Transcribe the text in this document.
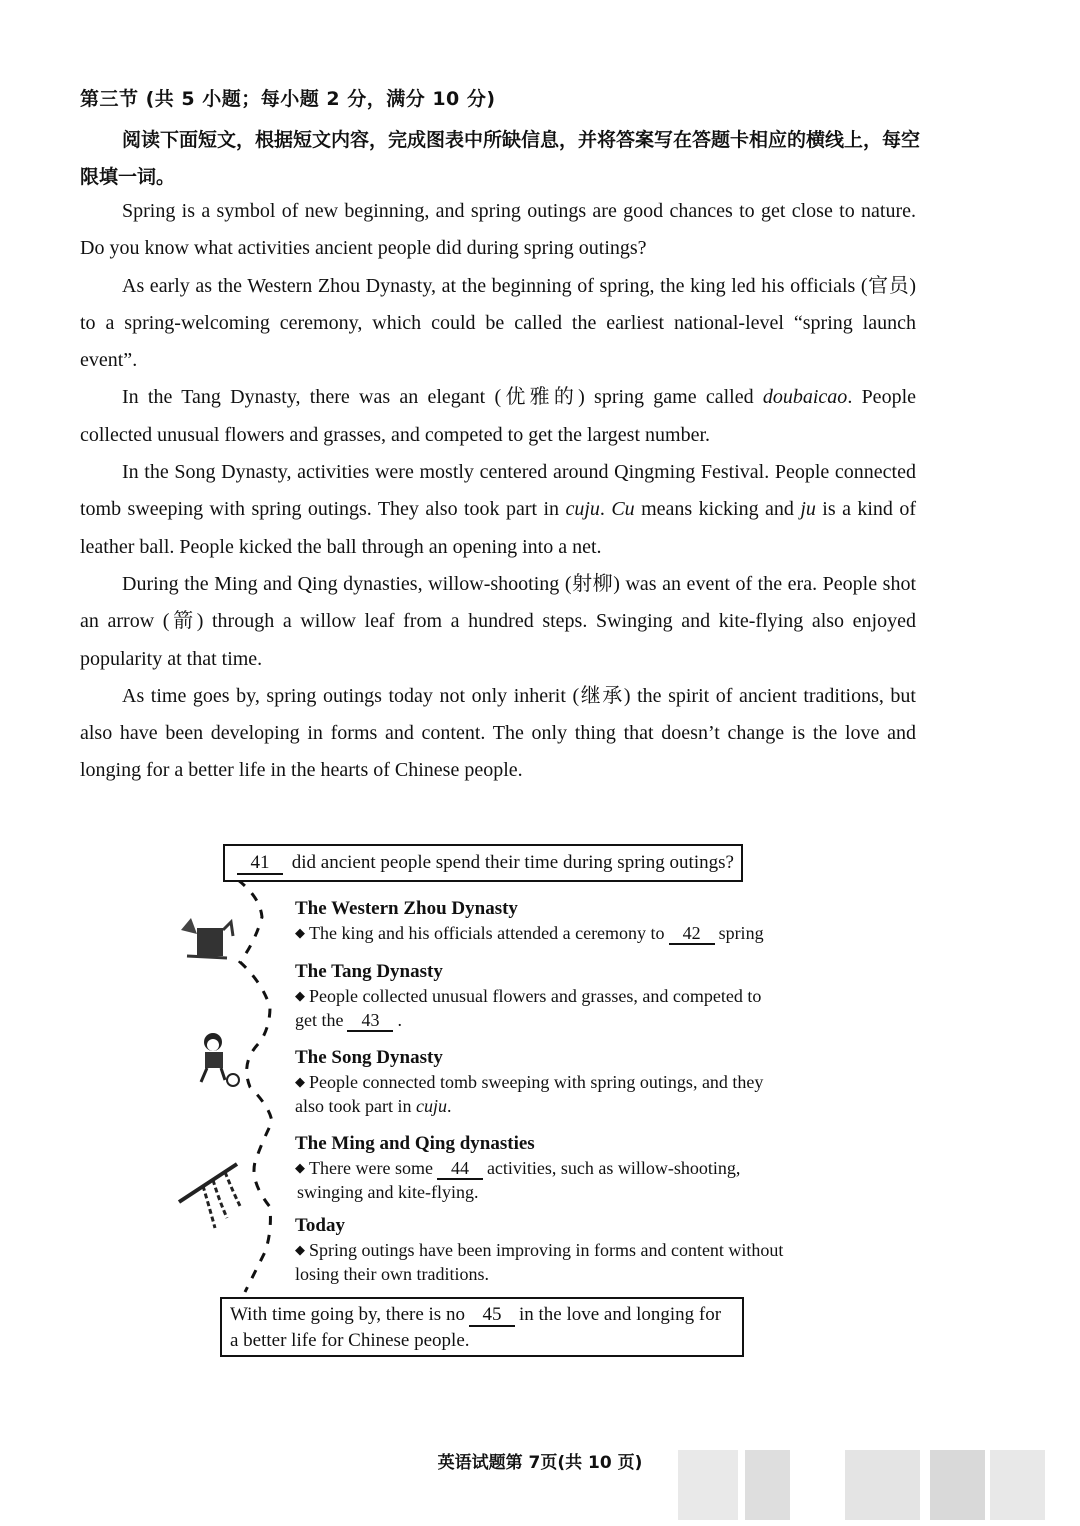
第三节 (共 5 小题；每小题 2 分，满分 10 分)
阅读下面短文，根据短文内容，完成图表中所缺信息，并将答案写在答题卡相应的横线上，每空限填一词。

Spring is a symbol of new beginning, and spring outings are good chances to get close to nature. Do you know what activities ancient people did during spring outings?

As early as the Western Zhou Dynasty, at the beginning of spring, the king led his officials (官员) to a spring-welcoming ceremony, which could be called the earliest national-level “spring launch event”.

In the Tang Dynasty, there was an elegant (优雅的) spring game called doubaicao. People collected unusual flowers and grasses, and competed to get the largest number.

In the Song Dynasty, activities were mostly centered around Qingming Festival. People connected tomb sweeping with spring outings. They also took part in cuju. Cu means kicking and ju is a kind of leather ball. People kicked the ball through an opening into a net.

During the Ming and Qing dynasties, willow-shooting (射柳) was an event of the era. People shot an arrow (箭) through a willow leaf from a hundred steps. Swinging and kite-flying also enjoyed popularity at that time.

As time goes by, spring outings today not only inherit (继承) the spirit of ancient traditions, but also have been developing in forms and content. The only thing that doesn’t change is the love and longing for a better life in the hearts of Chinese people.

41 did ancient people spend their time during spring outings?
The Western Zhou Dynasty
◆ The king and his officials attended a ceremony to 42 spring
The Tang Dynasty
◆ People collected unusual flowers and grasses, and competed to
get the 43 .
The Song Dynasty
◆ People connected tomb sweeping with spring outings, and they
also took part in cuju.
The Ming and Qing dynasties
◆ There were some 44 activities, such as willow-shooting,
swinging and kite-flying.
Today
◆ Spring outings have been improving in forms and content without
losing their own traditions.
With time going by, there is no 45 in the love and longing for
a better life for Chinese people.
英语试题第 7页(共 10 页)
